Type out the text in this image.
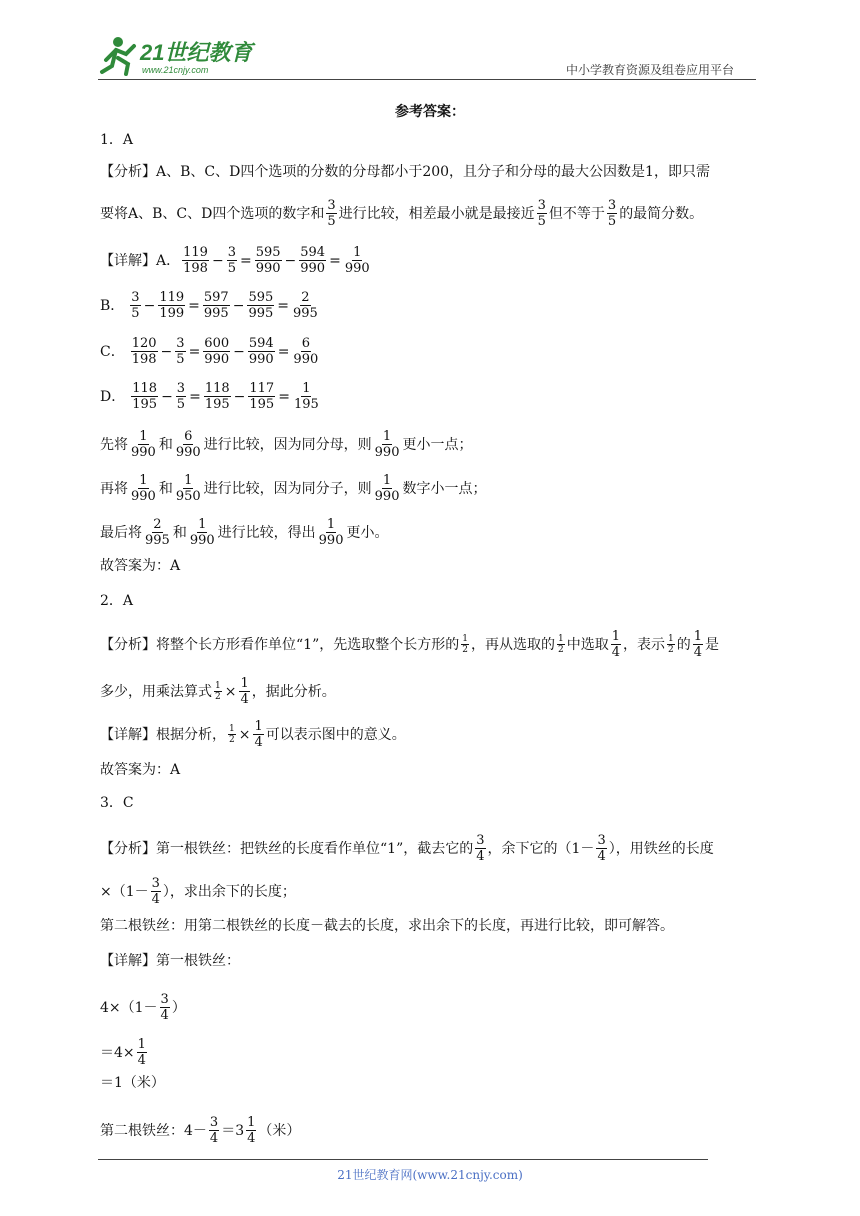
21世纪教育
www.21cnjy.com	中小学教育资源及组卷应用平台
参考答案：
1．A
【分析】A、B、C、D四个选项的分数的分母都小于200，且分子和分母的最大公因数是1，即只需
要将A、B、C、D四个选项的数字和 $\frac{3}{5}$ 进行比较，相差最小就是最接近 $\frac{3}{5}$ 但不等于 $\frac{3}{5}$ 的最简分数。
【详解】A． $\frac{119}{198} - \frac{3}{5} = \frac{595}{990} - \frac{594}{990} = \frac{1}{990}$
B． $\frac{3}{5} - \frac{119}{199} = \frac{597}{995} - \frac{595}{995} = \frac{2}{995}$
C． $\frac{120}{198} - \frac{3}{5} = \frac{600}{990} - \frac{594}{990} = \frac{6}{990}$
D． $\frac{118}{195} - \frac{3}{5} = \frac{118}{195} - \frac{117}{195} = \frac{1}{195}$
先将 $\frac{1}{990}$ 和 $\frac{6}{990}$ 进行比较，因为同分母，则 $\frac{1}{990}$ 更小一点；
再将 $\frac{1}{990}$ 和 $\frac{1}{950}$ 进行比较，因为同分子，则 $\frac{1}{990}$ 数字小一点；
最后将 $\frac{2}{995}$ 和 $\frac{1}{990}$ 进行比较，得出 $\frac{1}{990}$ 更小。
故答案为：A
2．A
【分析】将整个长方形看作单位“1”，先选取整个长方形的 $\frac{1}{2}$ ，再从选取的 $\frac{1}{2}$ 中选取 $\frac{1}{4}$ ，表示 $\frac{1}{2}$ 的 $\frac{1}{4}$ 是
多少，用乘法算式 $\frac{1}{2} \times \frac{1}{4}$ ，据此分析。
【详解】根据分析， $\frac{1}{2} \times \frac{1}{4}$ 可以表示图中的意义。
故答案为：A
3．C
【分析】第一根铁丝：把铁丝的长度看作单位“1”，截去它的 $\frac{3}{4}$ ，余下它的（$1- \frac{3}{4}$ ），用铁丝的长度
$\times(1- \frac{3}{4}$ ），求出余下的长度；
第二根铁丝：用第二根铁丝的长度－截去的长度，求出余下的长度，再进行比较，即可解答。
【详解】第一根铁丝：
$4\times(1- \frac{3}{4}$ ）
$=4\times \frac{1}{4}$
＝1（米）
第二根铁丝：$4- \frac{3}{4} =3 \frac{1}{4}$ （米）
21世纪教育网(www.21cnjy.com)
